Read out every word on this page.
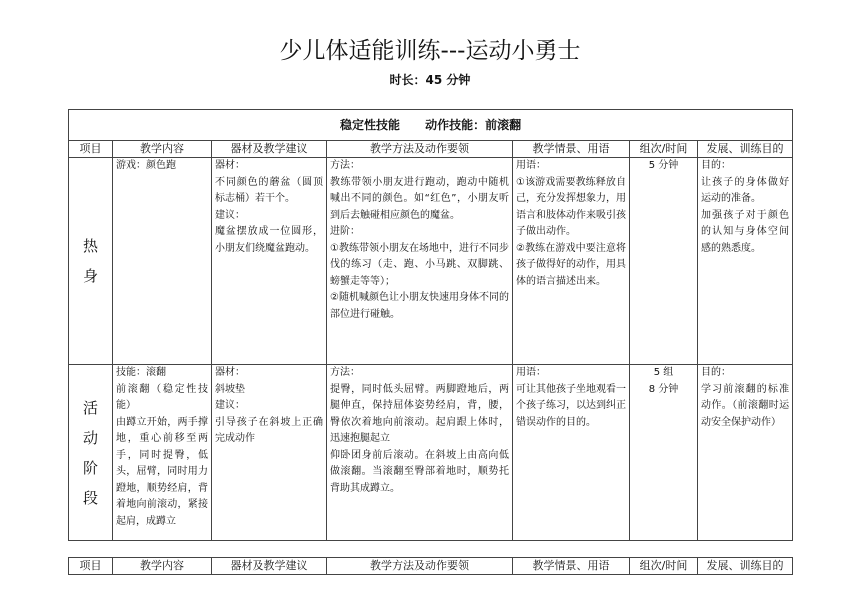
少儿体适能训练---运动小勇士
时长：45 分钟
稳定性技能      动作技能：前滚翻						
项目	教学内容	器材及教学建议	教学方法及动作要领	教学情景、用语	组次/时间	发展、训练目的

热
身	游戏：颜色跑	器材：
不同颜色的蘑盆（圆顶标志桶）若干个。
建议：
魔盆摆放成一位圆形，小朋友们绕魔盆跑动。	方法：
教练带领小朋友进行跑动，跑动中随机喊出不同的颜色。如“红色”，小朋友听到后去触碰相应颜色的魔盆。
进阶：
①教练带领小朋友在场地中，进行不同步伐的练习（走、跑、小马跳、双脚跳、螃蟹走等等）；
②随机喊颜色让小朋友快速用身体不同的部位进行碰触。	用语：
①该游戏需要教练释放自己，充分发挥想象力，用语言和肢体动作来吸引孩子做出动作。
②教练在游戏中要注意将孩子做得好的动作，用具体的语言描述出来。	5 分钟	目的：
让孩子的身体做好运动的准备。
加强孩子对于颜色的认知与身体空间感的熟悉度。

活
动
阶
段	技能：滚翻
前滚翻（稳定性技能）
由蹲立开始，两手撑地，重心前移至两手，同时提臀，低头，屈臂，同时用力蹬地，顺势经肩，背着地向前滚动，紧接起肩，成蹲立	器材：
斜坡垫
建议：
引导孩子在斜坡上正确完成动作	方法：
提臀，同时低头屈臂。两脚蹬地后，两腿伸直，保持屈体姿势经肩，背，腰，臀依次着地向前滚动。起肩跟上体时，迅速抱腿起立
仰卧团身前后滚动。在斜坡上由高向低做滚翻。当滚翻至臀部着地时，顺势托背助其成蹲立。	用语：
可让其他孩子坐地观看一个孩子练习，以达到纠正错误动作的目的。	5 组
8 分钟	目的：
学习前滚翻的标准动作。（前滚翻时运动安全保护动作）
项目	教学内容	器材及教学建议	教学方法及动作要领	教学情景、用语	组次/时间	发展、训练目的
